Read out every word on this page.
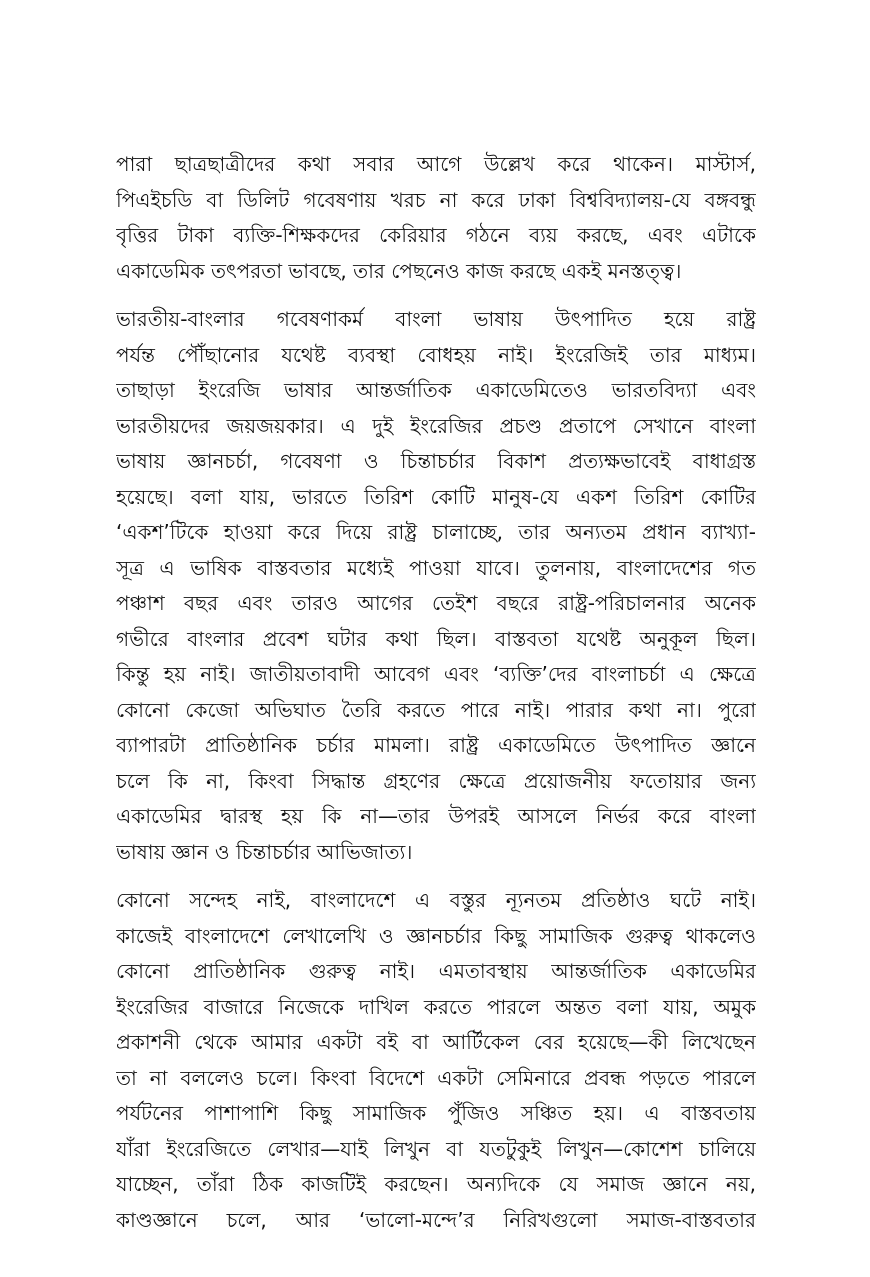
পারা ছাত্রছাত্রীদের কথা সবার আগে উল্লেখ করে থাকেন। মাস্টার্স,
পিএইচডি বা ডিলিট গবেষণায় খরচ না করে ঢাকা বিশ্ববিদ্যালয়-যে বঙ্গবন্ধু
বৃত্তির টাকা ব্যক্তি-শিক্ষকদের কেরিয়ার গঠনে ব্যয় করছে, এবং এটাকে
একাডেমিক তৎপরতা ভাবছে, তার পেছনেও কাজ করছে একই মনস্তত্ত্ব।
ভারতীয়-বাংলার গবেষণাকর্ম বাংলা ভাষায় উৎপাদিত হয়ে রাষ্ট্র
পর্যন্ত পৌঁছানোর যথেষ্ট ব্যবস্থা বোধহয় নাই। ইংরেজিই তার মাধ্যম।
তাছাড়া ইংরেজি ভাষার আন্তর্জাতিক একাডেমিতেও ভারতবিদ্যা এবং
ভারতীয়দের জয়জয়কার। এ দুই ইংরেজির প্রচণ্ড প্রতাপে সেখানে বাংলা
ভাষায় জ্ঞানচর্চা, গবেষণা ও চিন্তাচর্চার বিকাশ প্রত্যক্ষভাবেই বাধাগ্রস্ত
হয়েছে। বলা যায়, ভারতে তিরিশ কোটি মানুষ-যে একশ তিরিশ কোটির
‘একশ’টিকে হাওয়া করে দিয়ে রাষ্ট্র চালাচ্ছে, তার অন্যতম প্রধান ব্যাখ্যা-
সূত্র এ ভাষিক বাস্তবতার মধ্যেই পাওয়া যাবে। তুলনায়, বাংলাদেশের গত
পঞ্চাশ বছর এবং তারও আগের তেইশ বছরে রাষ্ট্র-পরিচালনার অনেক
গভীরে বাংলার প্রবেশ ঘটার কথা ছিল। বাস্তবতা যথেষ্ট অনুকূল ছিল।
কিন্তু হয় নাই। জাতীয়তাবাদী আবেগ এবং ‘ব্যক্তি’দের বাংলাচর্চা এ ক্ষেত্রে
কোনো কেজো অভিঘাত তৈরি করতে পারে নাই। পারার কথা না। পুরো
ব্যাপারটা প্রাতিষ্ঠানিক চর্চার মামলা। রাষ্ট্র একাডেমিতে উৎপাদিত জ্ঞানে
চলে কি না, কিংবা সিদ্ধান্ত গ্রহণের ক্ষেত্রে প্রয়োজনীয় ফতোয়ার জন্য
একাডেমির দ্বারস্থ হয় কি না—তার উপরই আসলে নির্ভর করে বাংলা
ভাষায় জ্ঞান ও চিন্তাচর্চার আভিজাত্য।
কোনো সন্দেহ নাই, বাংলাদেশে এ বস্তুর ন্যূনতম প্রতিষ্ঠাও ঘটে নাই।
কাজেই বাংলাদেশে লেখালেখি ও জ্ঞানচর্চার কিছু সামাজিক গুরুত্ব থাকলেও
কোনো প্রাতিষ্ঠানিক গুরুত্ব নাই। এমতাবস্থায় আন্তর্জাতিক একাডেমির
ইংরেজির বাজারে নিজেকে দাখিল করতে পারলে অন্তত বলা যায়, অমুক
প্রকাশনী থেকে আমার একটা বই বা আর্টিকেল বের হয়েছে—কী লিখেছেন
তা না বললেও চলে। কিংবা বিদেশে একটা সেমিনারে প্রবন্ধ পড়তে পারলে
পর্যটনের পাশাপাশি কিছু সামাজিক পুঁজিও সঞ্চিত হয়। এ বাস্তবতায়
যাঁরা ইংরেজিতে লেখার—যাই লিখুন বা যতটুকুই লিখুন—কোশেশ চালিয়ে
যাচ্ছেন, তাঁরা ঠিক কাজটিই করছেন। অন্যদিকে যে সমাজ জ্ঞানে নয়,
কাণ্ডজ্ঞানে চলে, আর ‘ভালো-মন্দে’র নিরিখগুলো সমাজ-বাস্তবতার
